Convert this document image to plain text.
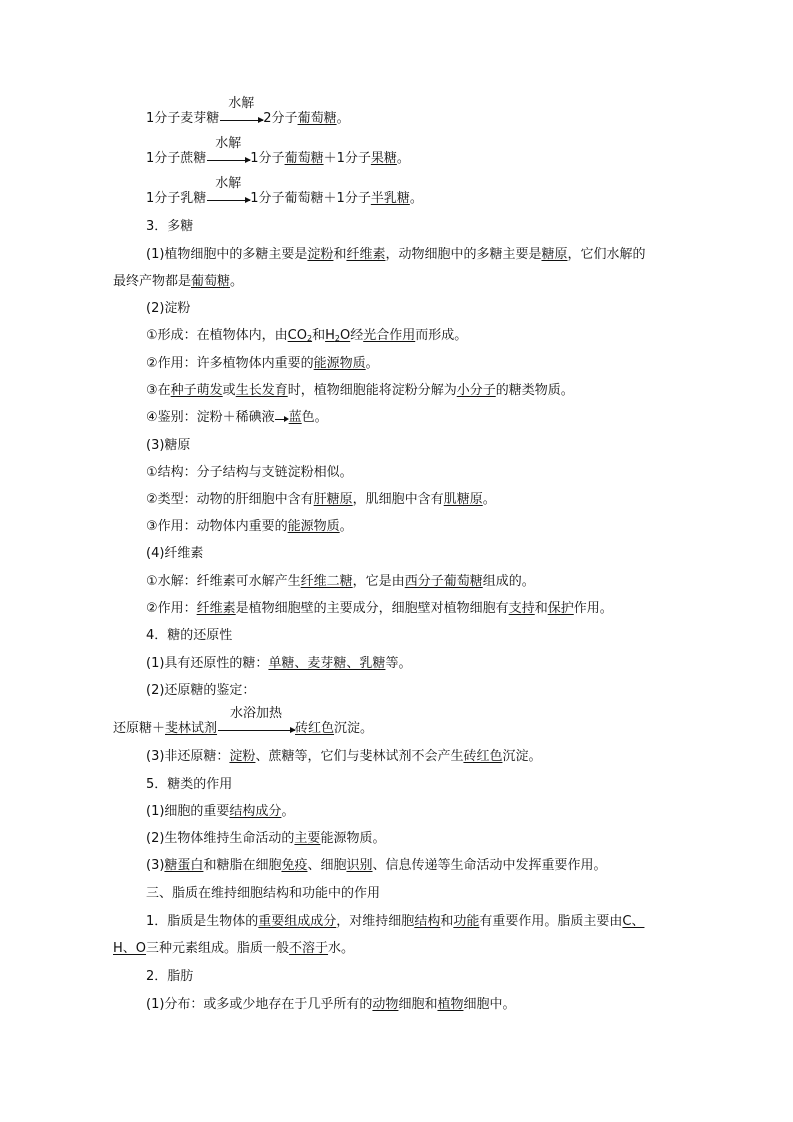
1分子麦芽糖
水解
2分子葡萄糖。
1分子蔗糖
水解
1分子葡萄糖＋1分子果糖。
1分子乳糖
水解
1分子葡萄糖＋1分子半乳糖。
3．多糖
(1)植物细胞中的多糖主要是淀粉和纤维素，动物细胞中的多糖主要是糖原，它们水解的
最终产物都是葡萄糖。
(2)淀粉
①形成：在植物体内，由$CO_2$和$H_2O$经光合作用而形成。
②作用：许多植物体内重要的能源物质。
③在种子萌发或生长发育时，植物细胞能将淀粉分解为小分子的糖类物质。
④鉴别：淀粉＋稀碘液 蓝色。
(3)糖原
①结构：分子结构与支链淀粉相似。
②类型：动物的肝细胞中含有肝糖原，肌细胞中含有肌糖原。
③作用：动物体内重要的能源物质。
(4)纤维素
①水解：纤维素可水解产生纤维二糖，它是由西分子葡萄糖组成的。
②作用：纤维素是植物细胞壁的主要成分，细胞壁对植物细胞有支持和保护作用。
4．糖的还原性
(1)具有还原性的糖：单糖、麦芽糖、乳糖等。
(2)还原糖的鉴定：
还原糖＋斐林试剂
水浴加热
砖红色沉淀。
(3)非还原糖：淀粉、蔗糖等，它们与斐林试剂不会产生砖红色沉淀。
5．糖类的作用
(1)细胞的重要结构成分。
(2)生物体维持生命活动的主要能源物质。
(3)糖蛋白和糖脂在细胞免疫、细胞识别、信息传递等生命活动中发挥重要作用。
三、脂质在维持细胞结构和功能中的作用
1．脂质是生物体的重要组成成分，对维持细胞结构和功能有重要作用。脂质主要由C、
H、O三种元素组成。脂质一般不溶于水。
2．脂肪
(1)分布：或多或少地存在于几乎所有的动物细胞和植物细胞中。
